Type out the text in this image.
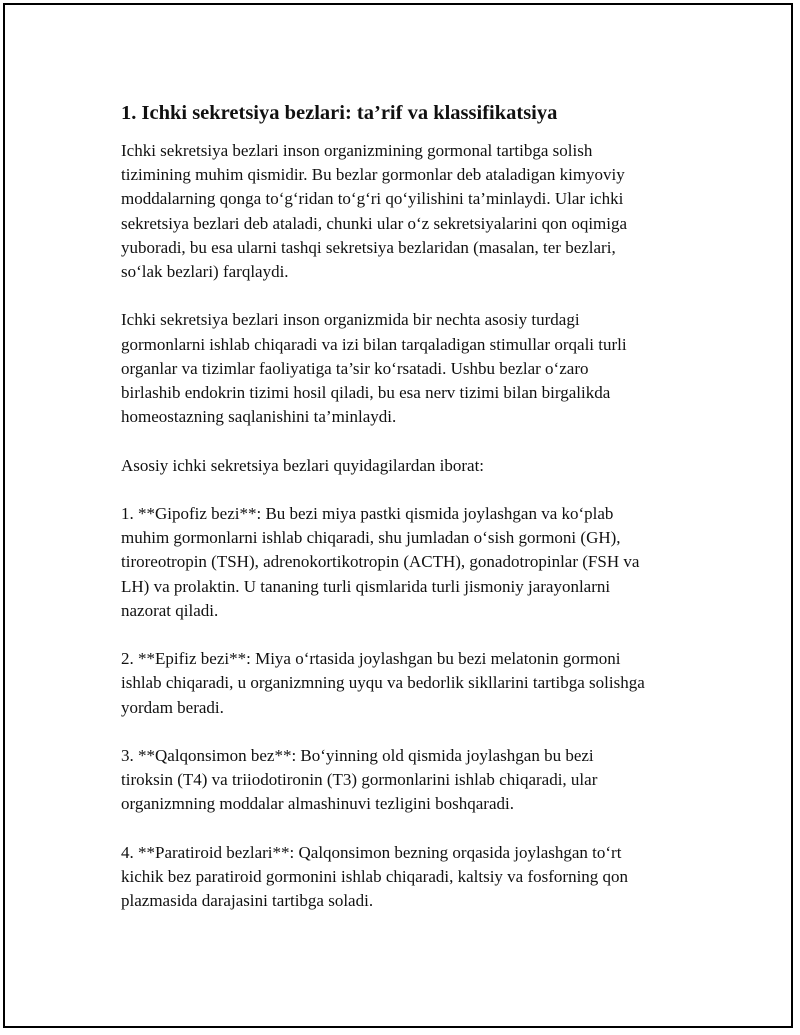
1. Ichki sekretsiya bezlari: ta’rif va klassifikatsiya

Ichki sekretsiya bezlari inson organizmining gormonal tartibga solish
tizimining muhim qismidir. Bu bezlar gormonlar deb ataladigan kimyoviy
moddalarning qonga to‘g‘ridan to‘g‘ri qo‘yilishini ta’minlaydi. Ular ichki
sekretsiya bezlari deb ataladi, chunki ular o‘z sekretsiyalarini qon oqimiga
yuboradi, bu esa ularni tashqi sekretsiya bezlaridan (masalan, ter bezlari,
so‘lak bezlari) farqlaydi.

Ichki sekretsiya bezlari inson organizmida bir nechta asosiy turdagi
gormonlarni ishlab chiqaradi va izi bilan tarqaladigan stimullar orqali turli
organlar va tizimlar faoliyatiga ta’sir ko‘rsatadi. Ushbu bezlar o‘zaro
birlashib endokrin tizimi hosil qiladi, bu esa nerv tizimi bilan birgalikda
homeostazning saqlanishini ta’minlaydi.

Asosiy ichki sekretsiya bezlari quyidagilardan iborat:

1. **Gipofiz bezi**: Bu bezi miya pastki qismida joylashgan va ko‘plab
muhim gormonlarni ishlab chiqaradi, shu jumladan o‘sish gormoni (GH),
tiroreotropin (TSH), adrenokortikotropin (ACTH), gonadotropinlar (FSH va
LH) va prolaktin. U tananing turli qismlarida turli jismoniy jarayonlarni
nazorat qiladi.

2. **Epifiz bezi**: Miya o‘rtasida joylashgan bu bezi melatonin gormoni
ishlab chiqaradi, u organizmning uyqu va bedorlik sikllarini tartibga solishga
yordam beradi.

3. **Qalqonsimon bez**: Bo‘yinning old qismida joylashgan bu bezi
tiroksin (T4) va triiodotironin (T3) gormonlarini ishlab chiqaradi, ular
organizmning moddalar almashinuvi tezligini boshqaradi.

4. **Paratiroid bezlari**: Qalqonsimon bezning orqasida joylashgan to‘rt
kichik bez paratiroid gormonini ishlab chiqaradi, kaltsiy va fosforning qon
plazmasida darajasini tartibga soladi.
